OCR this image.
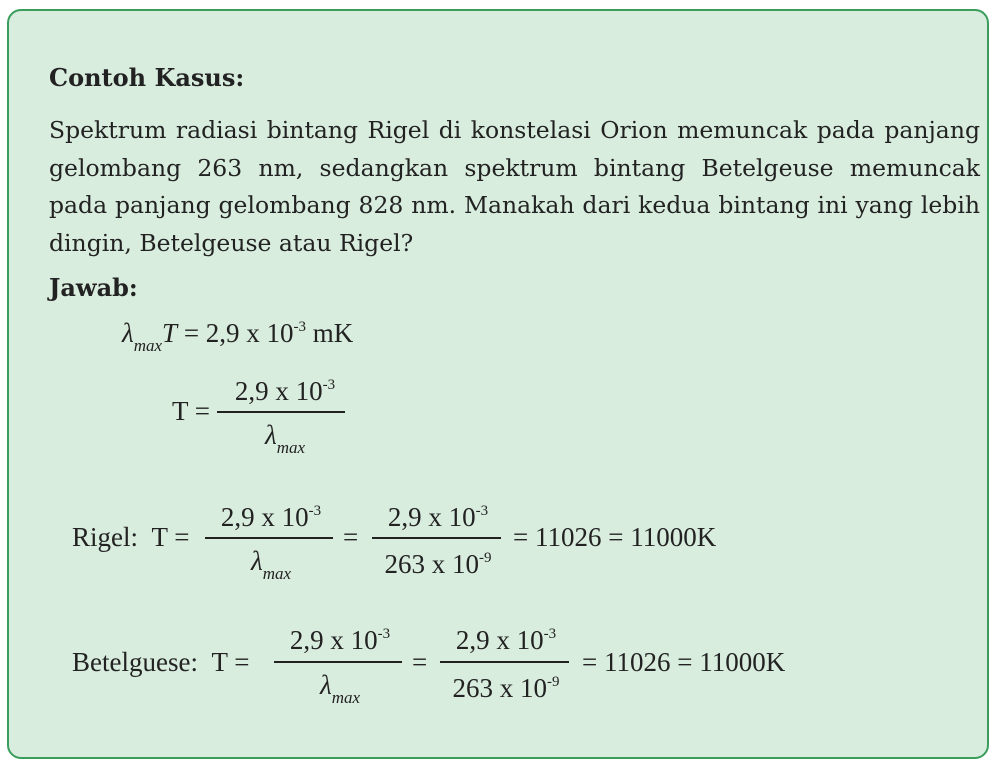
Contoh Kasus:
Spektrum radiasi bintang Rigel di konstelasi Orion memuncak pada panjang gelombang 263 nm, sedangkan spektrum bintang Betelgeuse memuncak pada panjang gelombang 828 nm. Manakah dari kedua bintang ini yang lebih dingin, Betelgeuse atau Rigel?
Jawab:
$\lambda_{max}T = 2,9$ x $10^{-3}$ mK
T =
2,9 x $10^{-3}$
$\lambda_{max}$
Rigel: T =
2,9 x $10^{-3}$
$\lambda_{max}$
=
2,9 x $10^{-3}$
263 x $10^{-9}$
= 11026 = 11000K
Betelguese: T =
2,9 x $10^{-3}$
$\lambda_{max}$
=
2,9 x $10^{-3}$
263 x $10^{-9}$
= 11026 = 11000K
